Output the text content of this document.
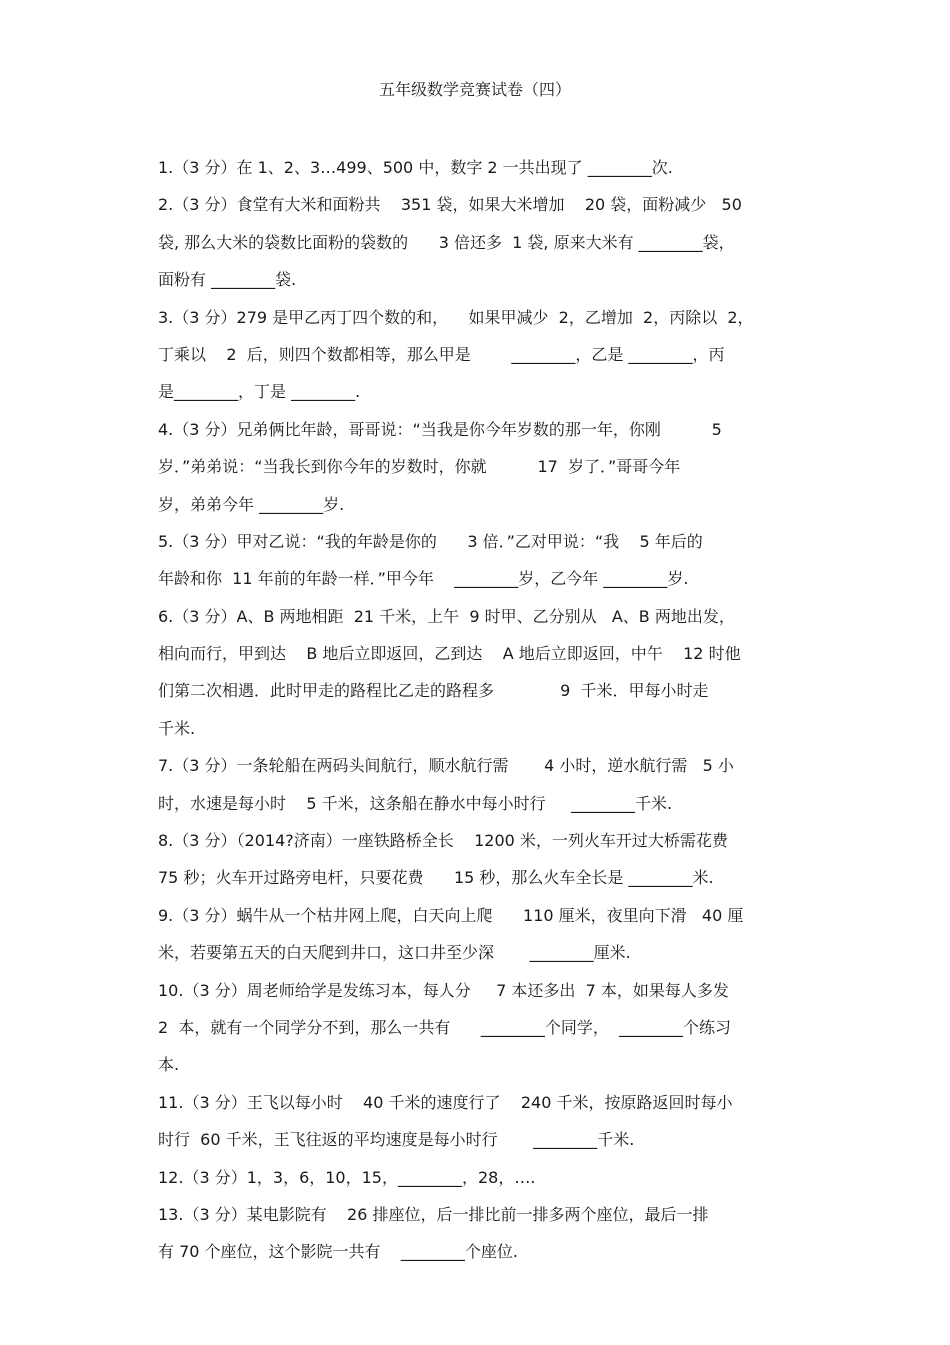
五年级数学竞赛试卷（四）
1.（3 分）在 1、2、3…499、500 中，数字 2 一共出现了 ________次.
2.（3 分）食堂有大米和面粉共    351 袋，如果大米增加    20 袋，面粉减少   50
袋, 那么大米的袋数比面粉的袋数的      3 倍还多  1 袋, 原来大米有 ________袋，
面粉有 ________袋.
3.（3 分）279 是甲乙丙丁四个数的和，    如果甲减少  2，乙增加  2，丙除以  2，
丁乘以    2  后，则四个数都相等，那么甲是        ________，乙是 ________，丙
是________，丁是 ________.
4.（3 分）兄弟俩比年龄，哥哥说：“当我是你今年岁数的那一年，你刚          5
岁．”弟弟说：“当我长到你今年的岁数时，你就          17  岁了．”哥哥今年
岁，弟弟今年 ________岁.
5.（3 分）甲对乙说：“我的年龄是你的      3 倍．”乙对甲说：“我    5 年后的
年龄和你  11 年前的年龄一样．”甲今年    ________岁，乙今年 ________岁.
6.（3 分）A、B 两地相距  21 千米，上午  9 时甲、乙分别从   A、B 两地出发，
相向而行，甲到达    B 地后立即返回，乙到达    A 地后立即返回，中午    12 时他
们第二次相遇．此时甲走的路程比乙走的路程多             9  千米．甲每小时走
千米.
7.（3 分）一条轮船在两码头间航行，顺水航行需       4 小时，逆水航行需   5 小
时，水速是每小时    5 千米，这条船在静水中每小时行     ________千米.
8.（3 分）（2014?济南）一座铁路桥全长    1200 米，一列火车开过大桥需花费
75 秒；火车开过路旁电杆，只要花费      15 秒，那么火车全长是 ________米.
9.（3 分）蜗牛从一个枯井网上爬，白天向上爬      110 厘米，夜里向下滑   40 厘
米，若要第五天的白天爬到井口，这口井至少深       ________厘米.
10.（3 分）周老师给学是发练习本，每人分     7 本还多出  7 本，如果每人多发
2  本，就有一个同学分不到，那么一共有      ________个同学，  ________个练习
本.
11.（3 分）王飞以每小时    40 千米的速度行了    240 千米，按原路返回时每小
时行  60 千米，王飞往返的平均速度是每小时行       ________千米.
12.（3 分）1，3，6，10，15，________，28，….
13.（3 分）某电影院有    26 排座位，后一排比前一排多两个座位，最后一排
有 70 个座位，这个影院一共有    ________个座位.
